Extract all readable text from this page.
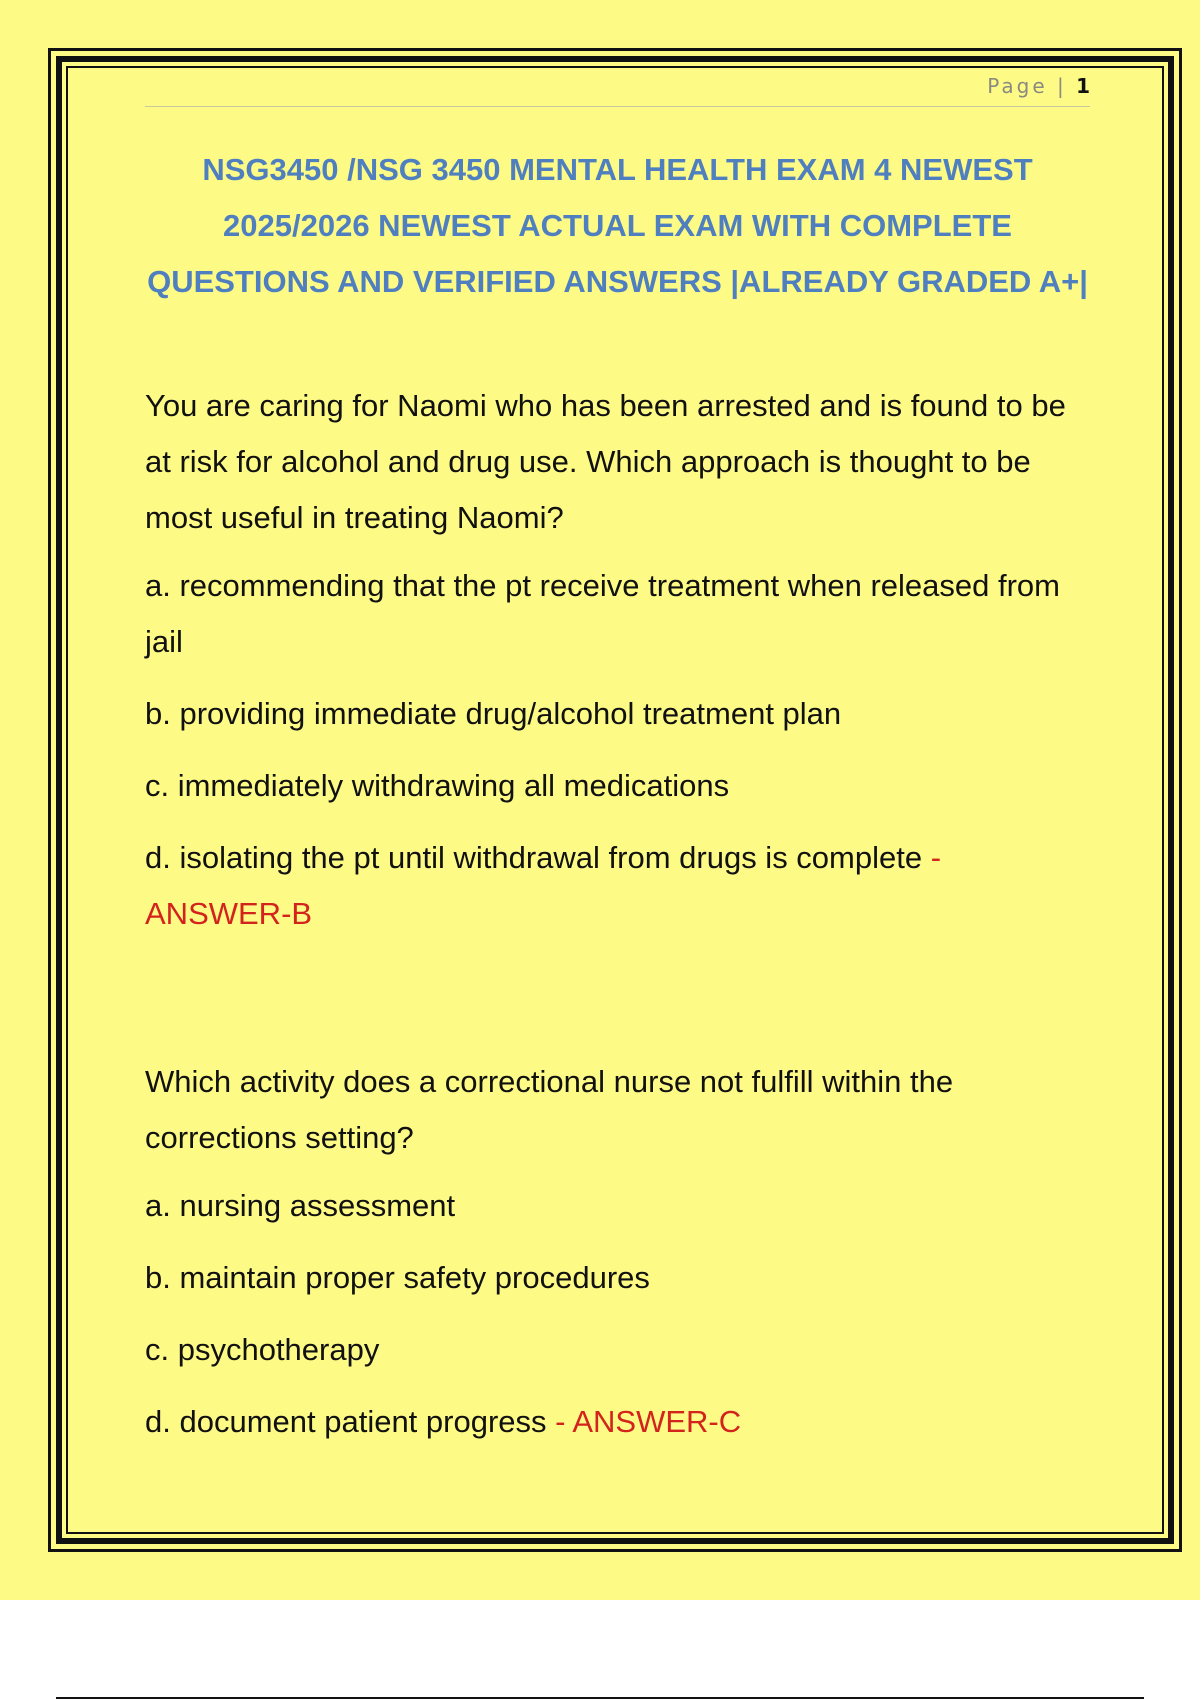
Page | 1
NSG3450 /NSG 3450 MENTAL HEALTH EXAM 4 NEWEST 2025/2026 NEWEST ACTUAL EXAM WITH COMPLETE QUESTIONS AND VERIFIED ANSWERS |ALREADY GRADED A+|

You are caring for Naomi who has been arrested and is found to be at risk for alcohol and drug use. Which approach is thought to be most useful in treating Naomi?

a. recommending that the pt receive treatment when released from jail

b. providing immediate drug/alcohol treatment plan

c. immediately withdrawing all medications

d. isolating the pt until withdrawal from drugs is complete - ANSWER-B

Which activity does a correctional nurse not fulfill within the corrections setting?

a. nursing assessment

b. maintain proper safety procedures

c. psychotherapy

d. document patient progress - ANSWER-C
